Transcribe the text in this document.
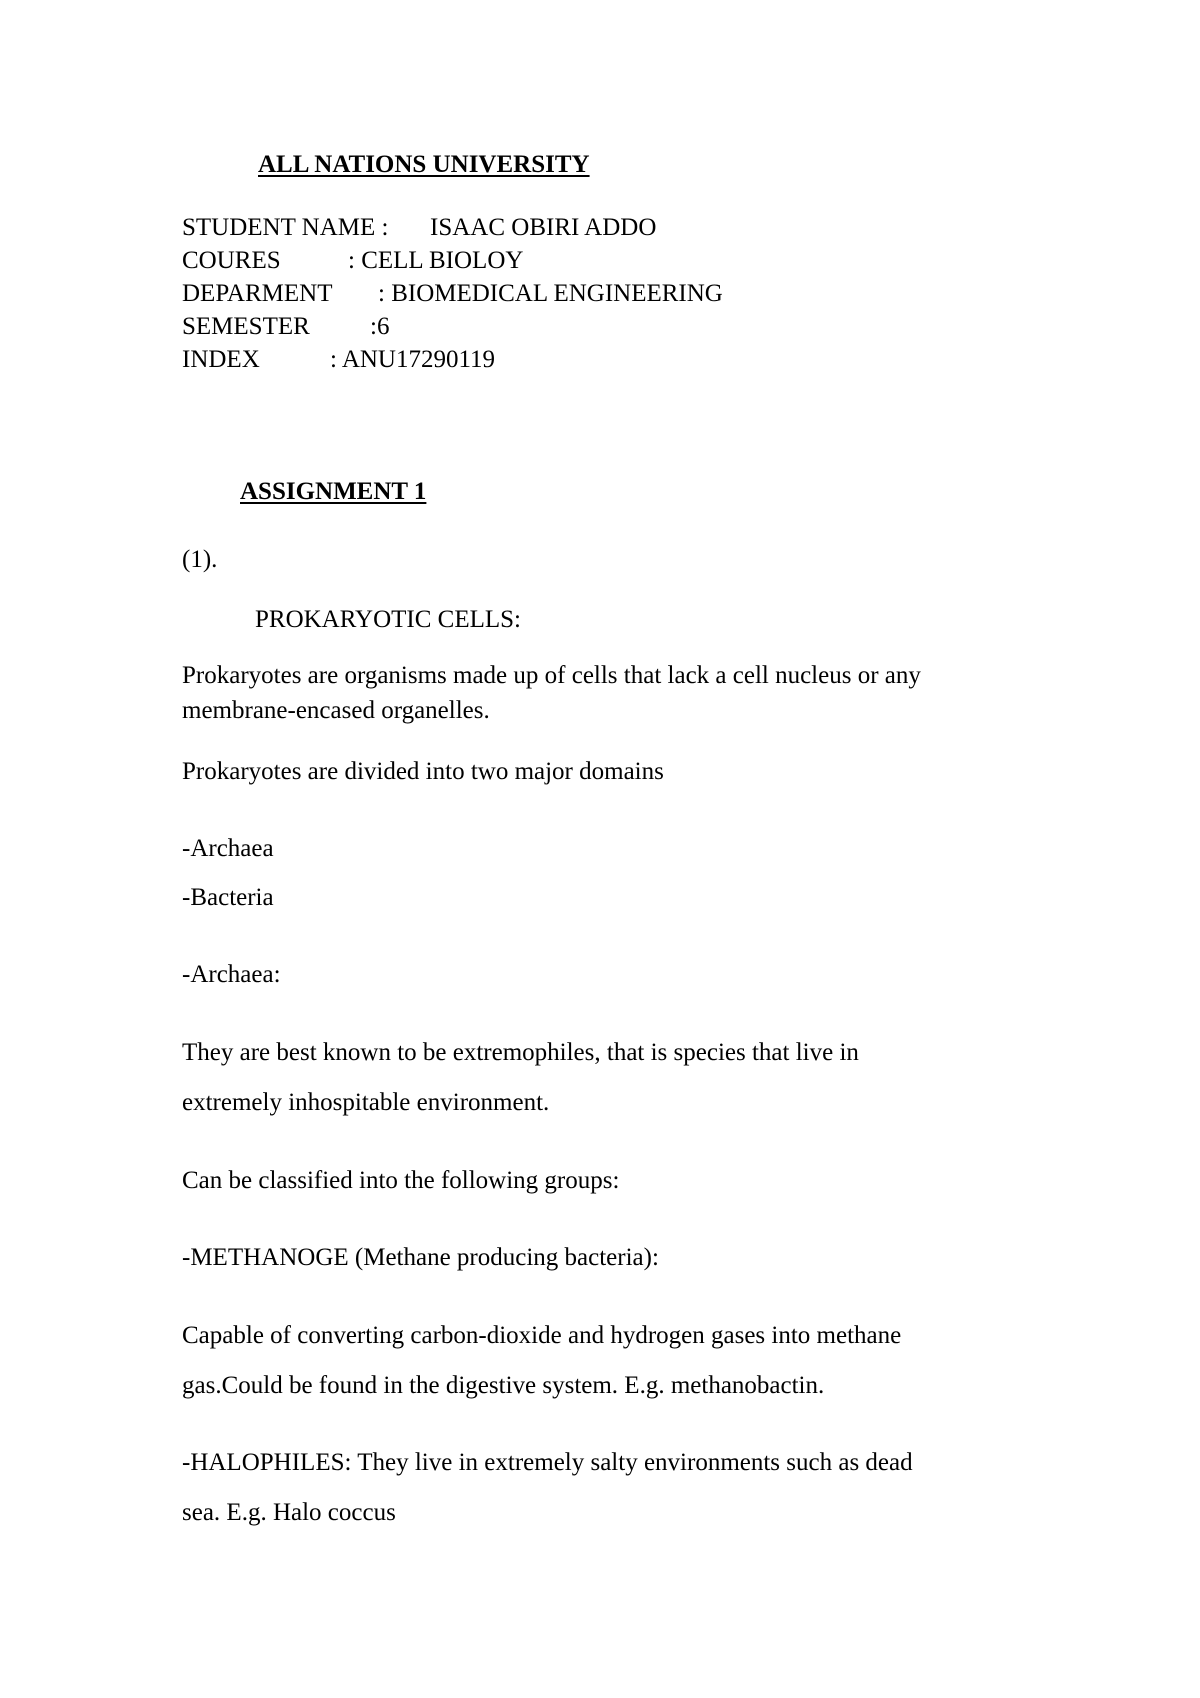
ALL NATIONS UNIVERSITY
STUDENT NAME : ISAAC OBIRI ADDO
COURES	: CELL BIOLOY
DEPARMENT : BIOMEDICAL ENGINEERING
SEMESTER :6
INDEX	: ANU17290119
ASSIGNMENT 1
(1).
PROKARYOTIC CELLS:
Prokaryotes are organisms made up of cells that lack a cell nucleus or any
membrane-encased organelles.
Prokaryotes are divided into two major domains
-Archaea
-Bacteria
-Archaea:
They are best known to be extremophiles, that is species that live in
extremely inhospitable environment.
Can be classified into the following groups:
-METHANOGE (Methane producing bacteria):
Capable of converting carbon-dioxide and hydrogen gases into methane
gas.Could be found in the digestive system. E.g. methanobactin.
-HALOPHILES: They live in extremely salty environments such as dead
sea. E.g. Halo coccus
